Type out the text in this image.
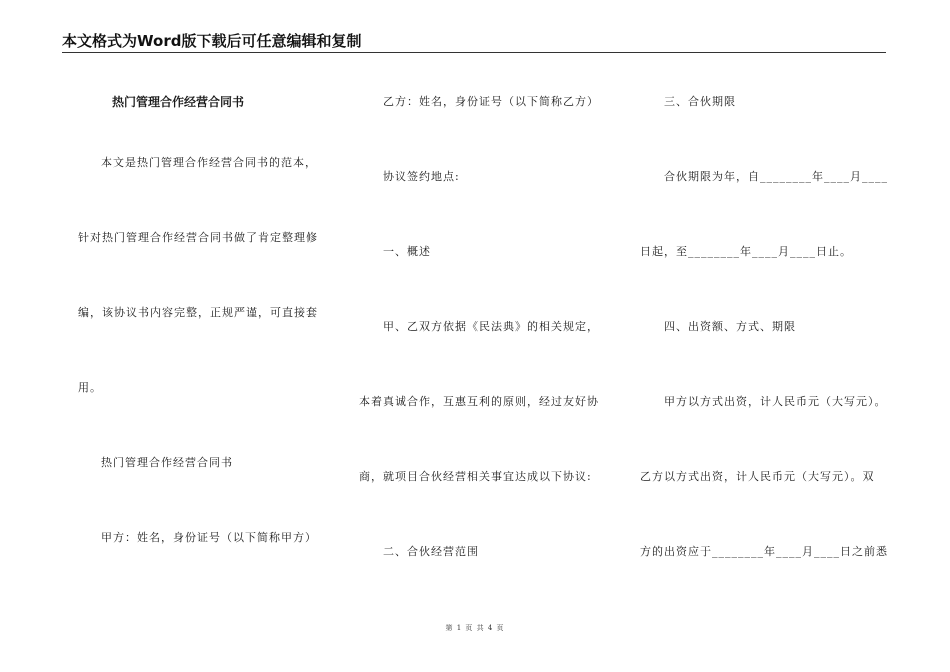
本文格式为Word版下载后可任意编辑和复制
热门管理合作经营合同书
本文是热门管理合作经营合同书的范本，
针对热门管理合作经营合同书做了肯定整理修
编，该协议书内容完整，正规严谨，可直接套
用。
热门管理合作经营合同书
甲方：姓名，身份证号（以下简称甲方）
乙方：姓名，身份证号（以下简称乙方）
协议签约地点:
一、概述
甲、乙双方依据《民法典》的相关规定，
本着真诚合作，互惠互利的原则，经过友好协
商，就项目合伙经营相关事宜达成以下协议:
二、合伙经营范围
三、合伙期限
合伙期限为年，自________年____月____
日起，至________年____月____日止。
四、出资额、方式、期限
甲方以方式出资，计人民币元（大写元）。
乙方以方式出资，计人民币元（大写元）。双
方的出资应于________年____月____日之前悉
第 1 页 共 4 页
